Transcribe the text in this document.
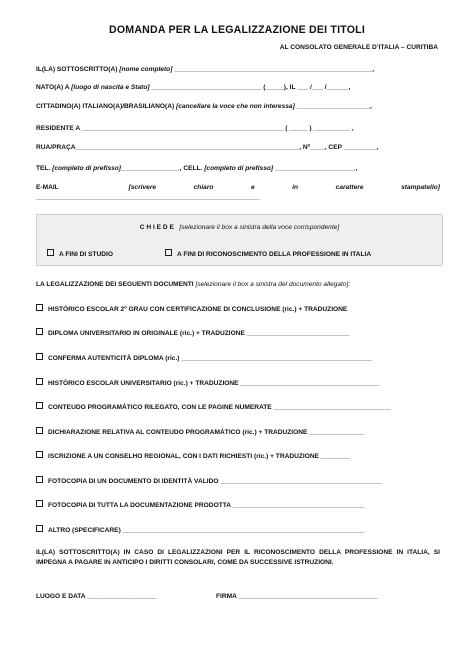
DOMANDA PER LA LEGALIZZAZIONE DEI TITOLI
AL CONSOLATO GENERALE D’ITALIA – CURITIBA
IL(LA) SOTTOSCRITTO(A) [nome completo] ______________________________________________________,
NATO(A) A [luogo di nascita e Stato] ______________________________ (_____), IL ___ /___ /______,
CITTADINO(A) ITALIANO(A)/BRASILIANO(A) [cancellare la voce che non interessa] ____________________,
RESIDENTE A _______________________________________________________ ( _____ ) __________ ,
RUA/PRAÇA_____________________________________________________________, Nº____, CEP _________,
TEL. [completo di prefisso]________________, CELL. [completo di prefisso] ______________________,
E-MAIL	[scrivere	chiaro	e	in	carattere	stampatello]
_____________________________________________________________
C H I E D E [selezionare il box a sinistra della voce corrispondente]
A FINI DI STUDIO	A FINI DI RICONOSCIMENTO DELLA PROFESSIONE IN ITALIA
LA LEGALIZZAZIONE DEI SEGUENTI DOCUMENTI [selezionare il box a sinistra del documento allegato]:
HISTÓRICO ESCOLAR 2º GRAU CON CERTIFICAZIONE DI CONCLUSIONE (ric.) + TRADUZIONE
DIPLOMA UNIVERSITARIO IN ORIGINALE (ric.) + TRADUZIONE ____________________________
CONFERMA AUTENTICITÀ DIPLOMA (ric.) ____________________________________________________
HISTÓRICO ESCOLAR UNIVERSITARIO (ric.) + TRADUZIONE ______________________________________
CONTEUDO PROGRAMÁTICO RILEGATO, CON LE PAGINE NUMERATE ________________________________
DICHIARAZIONE RELATIVA AL CONTEUDO PROGRAMÁTICO (ric.) + TRADUZIONE _______________
ISCRIZIONE A UN CONSELHO REGIONAL, CON I DATI RICHIESTI (ric.) + TRADUZIONE ________
FOTOCOPIA DI UN DOCUMENTO DI IDENTITÀ VALIDO ____________________________________________
FOTOCOPIA DI TUTTA LA DOCUMENTAZIONE PRODOTTA ____________________________________
ALTRO (SPECIFICARE) __________________________________________________________________
IL(LA) SOTTOSCRITTO(A) IN CASO DI LEGALIZZAZIONI PER IL RICONOSCIMENTO DELLA PROFESSIONE IN ITALIA, SI IMPEGNA A PAGARE IN ANTICIPO I DIRITTI CONSOLARI, COME DA SUCCESSIVE ISTRUZIONI.
LUOGO E DATA ___________________	FIRMA ______________________________________
